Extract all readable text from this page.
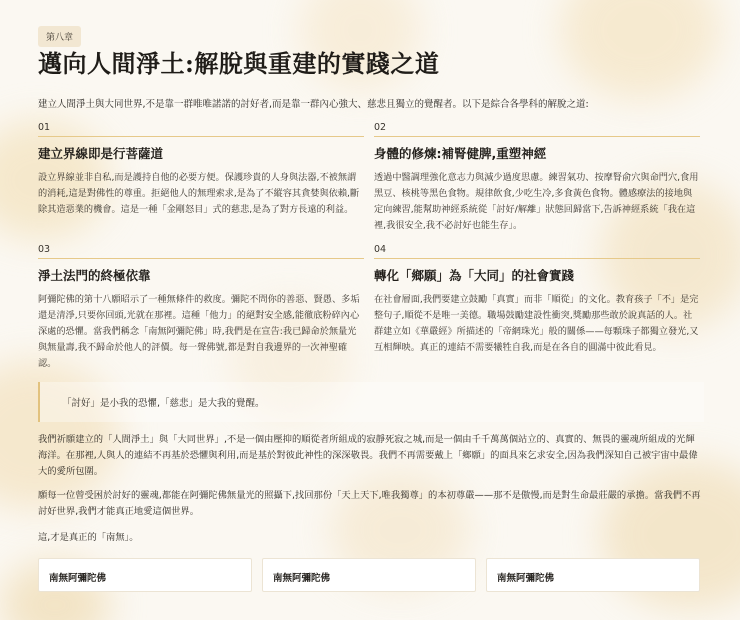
第八章
邁向人間淨土:解脫與重建的實踐之道

建立人間淨土與大同世界,不是靠一群唯唯諾諾的討好者,而是靠一群內心強大、慈悲且獨立的覺醒者。以下是綜合各學科的解脫之道:

01
建立界線即是行菩薩道

設立界線並非自私,而是護持自他的必要方便。保護珍貴的人身與法器,不被無謂的消耗,這是對佛性的尊重。拒絕他人的無理索求,是為了不縱容其貪婪與依賴,斷除其造惡業的機會。這是一種「金剛怒目」式的慈悲,是為了對方長遠的利益。

02
身體的修煉:補腎健脾,重塑神經

透過中醫調理強化意志力與減少過度思慮。練習氣功、按摩腎俞穴與命門穴,食用黑豆、核桃等黑色食物。規律飲食,少吃生冷,多食黃色食物。體感療法的接地與定向練習,能幫助神經系統從「討好/解離」狀態回歸當下,告訴神經系統「我在這裡,我很安全,我不必討好也能生存」。

03
淨土法門的終極依靠

阿彌陀佛的第十八願昭示了一種無條件的救度。彌陀不問你的善惡、賢愚、多垢還是清淨,只要你回頭,光就在那裡。這種「他力」的絕對安全感,能徹底粉碎內心深處的恐懼。當我們稱念「南無阿彌陀佛」時,我們是在宣告:我已歸命於無量光與無量壽,我不歸命於他人的評價。每一聲佛號,都是對自我邊界的一次神聖確認。

04
轉化「鄉願」為「大同」的社會實踐

在社會層面,我們要建立鼓勵「真實」而非「順從」的文化。教育孩子「不」是完整句子,順從不是唯一美德。職場鼓勵建設性衝突,獎勵那些敢於說真話的人。社群建立如《華嚴經》所描述的「帝網珠光」般的關係——每顆珠子都獨立發光,又互相輝映。真正的連結不需要犧牲自我,而是在各自的圓滿中彼此看見。

「討好」是小我的恐懼,「慈悲」是大我的覺醒。

我們祈願建立的「人間淨土」與「大同世界」,不是一個由壓抑的順從者所組成的寂靜死寂之城,而是一個由千千萬萬個站立的、真實的、無畏的靈魂所組成的光輝海洋。在那裡,人與人的連結不再基於恐懼與利用,而是基於對彼此神性的深深敬畏。我們不再需要戴上「鄉願」的面具來乞求安全,因為我們深知自己被宇宙中最偉大的愛所包圍。

願每一位曾受困於討好的靈魂,都能在阿彌陀佛無量光的照攝下,找回那份「天上天下,唯我獨尊」的本初尊嚴——那不是傲慢,而是對生命最莊嚴的承擔。當我們不再討好世界,我們才能真正地愛這個世界。

這,才是真正的「南無」。

南無阿彌陀佛	南無阿彌陀佛	南無阿彌陀佛
